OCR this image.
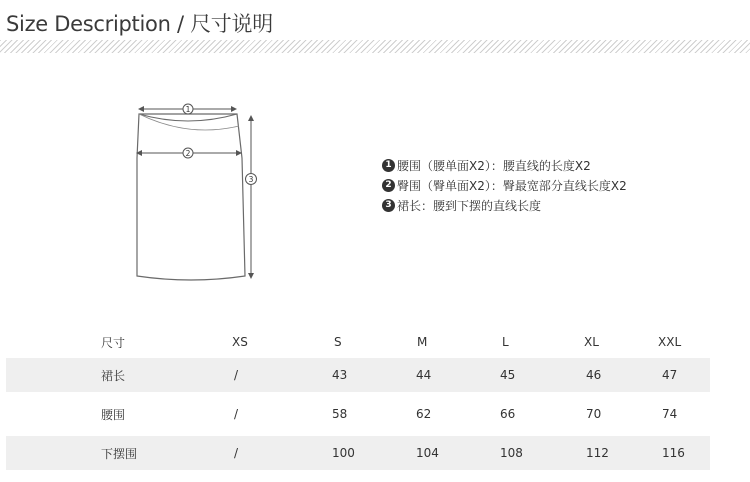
Size Description / 尺寸说明
1
2
3
1 腰围（腰单面X2）：腰直线的长度X2
2 臀围（臀单面X2）：臀最宽部分直线长度X2
3 裙长：腰到下摆的直线长度
尺寸	XS	S	M	L	XL	XXL
裙长	/	43	44	45	46	47
腰围	/	58	62	66	70	74
下摆围	/	100	104	108	112	116
